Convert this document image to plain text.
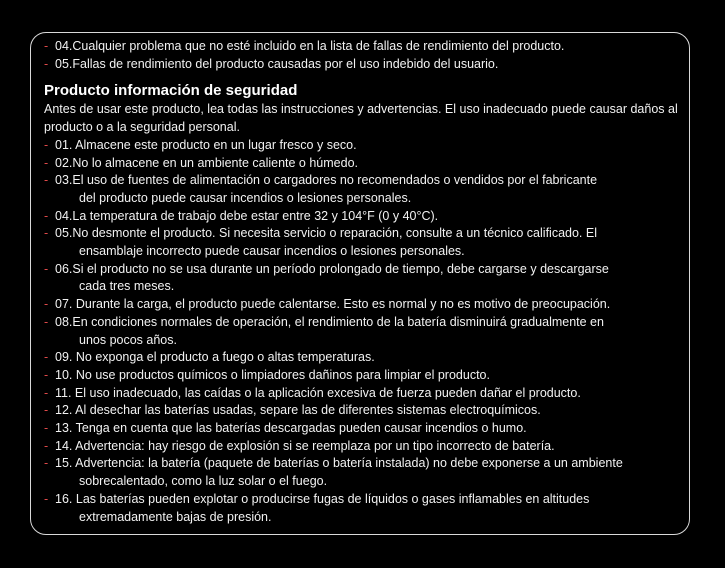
- 04.Cualquier problema que no esté incluido en la lista de fallas de rendimiento del producto.
- 05.Fallas de rendimiento del producto causadas por el uso indebido del usuario.
Producto información de seguridad
Antes de usar este producto, lea todas las instrucciones y advertencias. El uso inadecuado puede causar daños al producto o a la seguridad personal.
- 01. Almacene este producto en un lugar fresco y seco.
- 02.No lo almacene en un ambiente caliente o húmedo.
- 03.El uso de fuentes de alimentación o cargadores no recomendados o vendidos por el fabricante
del producto puede causar incendios o lesiones personales.
- 04.La temperatura de trabajo debe estar entre 32 y 104°F (0 y 40°C).
- 05.No desmonte el producto. Si necesita servicio o reparación, consulte a un técnico calificado. El
ensamblaje incorrecto puede causar incendios o lesiones personales.
- 06.Si el producto no se usa durante un período prolongado de tiempo, debe cargarse y descargarse
cada tres meses.
- 07. Durante la carga, el producto puede calentarse. Esto es normal y no es motivo de preocupación.
- 08.En condiciones normales de operación, el rendimiento de la batería disminuirá gradualmente en
unos pocos años.
- 09. No exponga el producto a fuego o altas temperaturas.
- 10. No use productos químicos o limpiadores dañinos para limpiar el producto.
- 11. El uso inadecuado, las caídas o la aplicación excesiva de fuerza pueden dañar el producto.
- 12. Al desechar las baterías usadas, separe las de diferentes sistemas electroquímicos.
- 13. Tenga en cuenta que las baterías descargadas pueden causar incendios o humo.
- 14. Advertencia: hay riesgo de explosión si se reemplaza por un tipo incorrecto de batería.
- 15. Advertencia: la batería (paquete de baterías o batería instalada) no debe exponerse a un ambiente
sobrecalentado, como la luz solar o el fuego.
- 16. Las baterías pueden explotar o producirse fugas de líquidos o gases inflamables en altitudes
extremadamente bajas de presión.
